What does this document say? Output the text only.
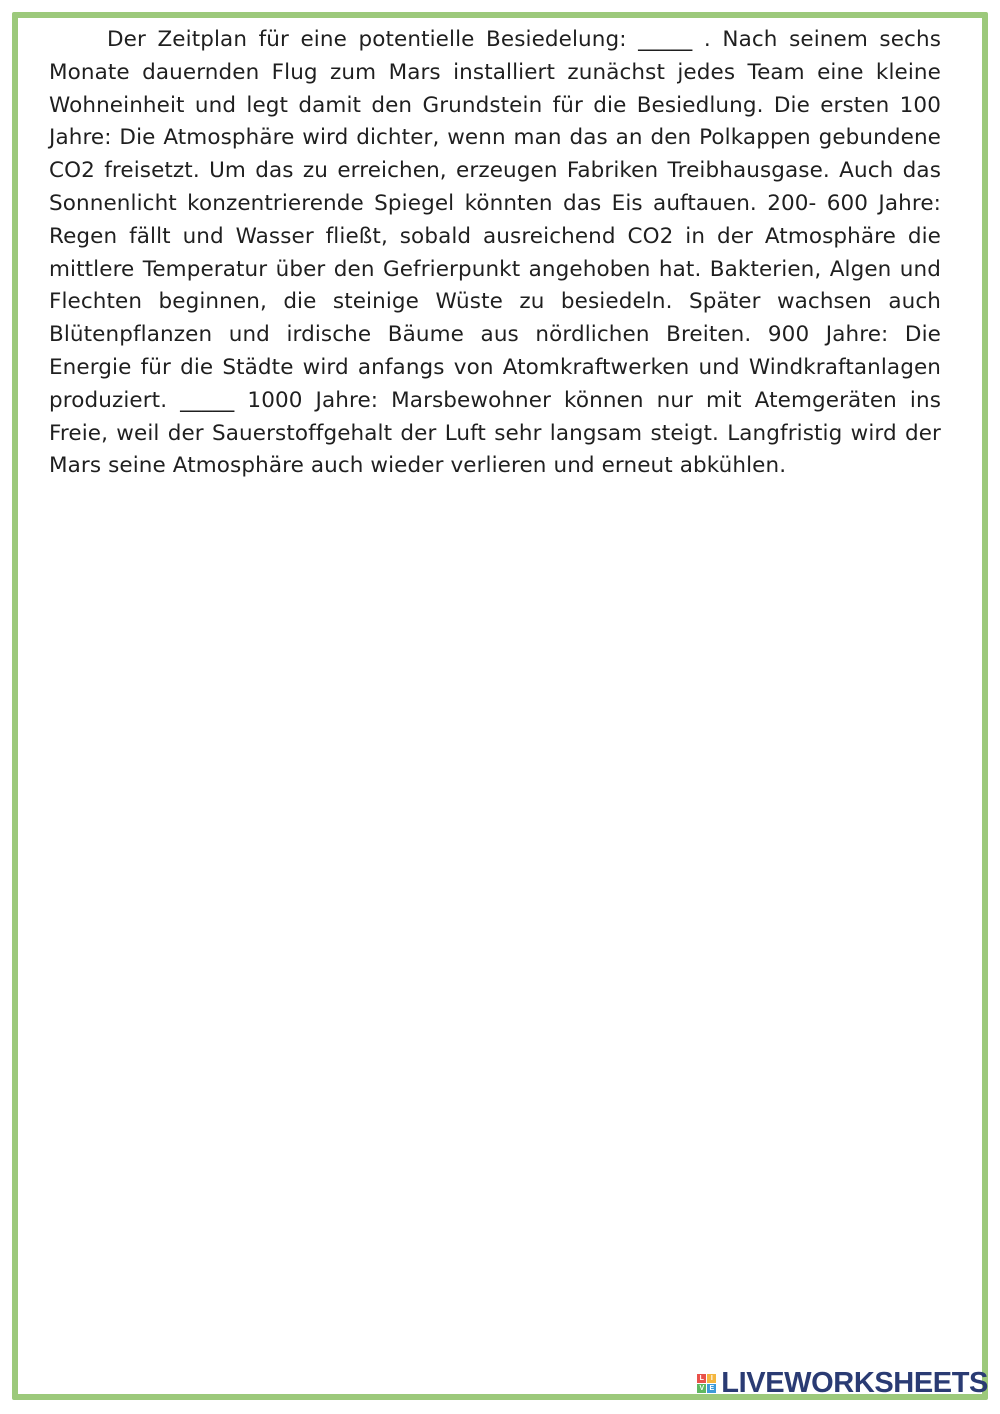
Der Zeitplan für eine potentielle Besiedelung: _____ . Nach seinem sechs Monate dauernden Flug zum Mars installiert zunächst jedes Team eine kleine Wohneinheit und legt damit den Grundstein für die Besiedlung. Die ersten 100 Jahre: Die Atmosphäre wird dichter, wenn man das an den Polkappen gebundene CO2 freisetzt. Um das zu erreichen, erzeugen Fabriken Treibhausgase. Auch das Sonnenlicht konzentrierende Spiegel könnten das Eis auftauen. 200- 600 Jahre: Regen fällt und Wasser fließt, sobald ausreichend CO2 in der Atmosphäre die mittlere Temperatur über den Gefrierpunkt angehoben hat. Bakterien, Algen und Flechten beginnen, die steinige Wüste zu besiedeln. Später wachsen auch Blütenpflanzen und irdische Bäume aus nördlichen Breiten. 900 Jahre: Die Energie für die Städte wird anfangs von Atomkraftwerken und Windkraftanlagen produziert. _____ 1000 Jahre: Marsbewohner können nur mit Atemgeräten ins Freie, weil der Sauerstoffgehalt der Luft sehr langsam steigt. Langfristig wird der Mars seine Atmosphäre auch wieder verlieren und erneut abkühlen.

L I
V E LIVEWORKSHEETS
